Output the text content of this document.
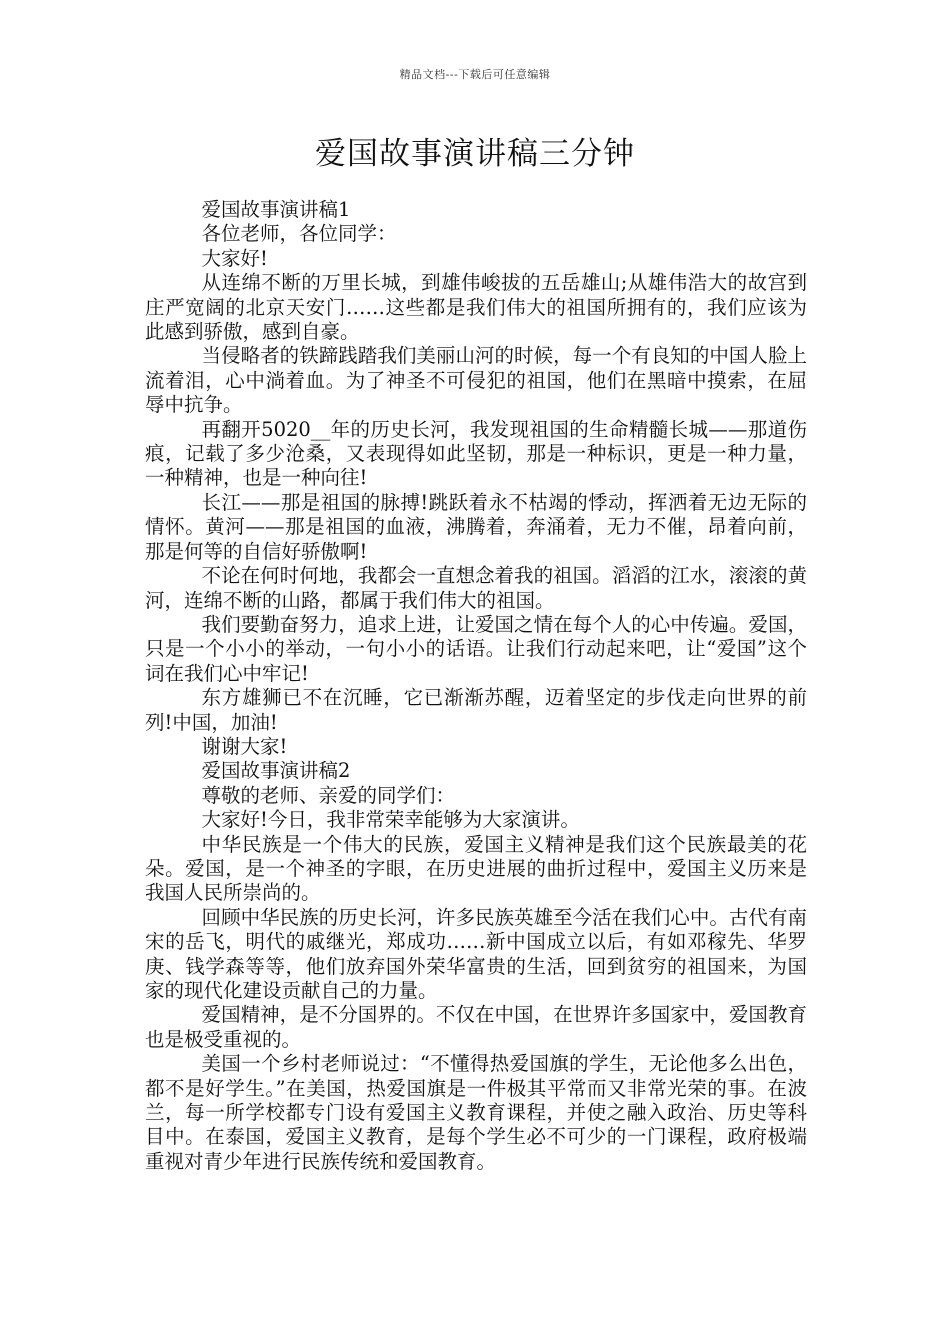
精品文档---下载后可任意编辑
爱国故事演讲稿三分钟

爱国故事演讲稿1

各位老师，各位同学：

大家好!

从连绵不断的万里长城，到雄伟峻拔的五岳雄山;从雄伟浩大的故宫到庄严宽阔的北京天安门……这些都是我们伟大的祖国所拥有的，我们应该为此感到骄傲，感到自豪。

当侵略者的铁蹄践踏我们美丽山河的时候，每一个有良知的中国人脸上流着泪，心中淌着血。为了神圣不可侵犯的祖国，他们在黑暗中摸索，在屈辱中抗争。

再翻开5020__年的历史长河，我发现祖国的生命精髓长城——那道伤痕，记载了多少沧桑，又表现得如此坚韧，那是一种标识，更是一种力量，一种精神，也是一种向往!

长江——那是祖国的脉搏!跳跃着永不枯竭的悸动，挥洒着无边无际的情怀。黄河——那是祖国的血液，沸腾着，奔涌着，无力不催，昂着向前，那是何等的自信好骄傲啊!

不论在何时何地，我都会一直想念着我的祖国。滔滔的江水，滚滚的黄河，连绵不断的山路，都属于我们伟大的祖国。

我们要勤奋努力，追求上进，让爱国之情在每个人的心中传遍。爱国，只是一个小小的举动，一句小小的话语。让我们行动起来吧，让“爱国”这个词在我们心中牢记!

东方雄狮已不在沉睡，它已渐渐苏醒，迈着坚定的步伐走向世界的前列!中国，加油!

谢谢大家!

爱国故事演讲稿2

尊敬的老师、亲爱的同学们：

大家好!今日，我非常荣幸能够为大家演讲。

中华民族是一个伟大的民族，爱国主义精神是我们这个民族最美的花朵。爱国，是一个神圣的字眼，在历史进展的曲折过程中，爱国主义历来是我国人民所崇尚的。

回顾中华民族的历史长河，许多民族英雄至今活在我们心中。古代有南宋的岳飞，明代的戚继光，郑成功……新中国成立以后，有如邓稼先、华罗庚、钱学森等等，他们放弃国外荣华富贵的生活，回到贫穷的祖国来，为国家的现代化建设贡献自己的力量。

爱国精神，是不分国界的。不仅在中国，在世界许多国家中，爱国教育也是极受重视的。

美国一个乡村老师说过：“不懂得热爱国旗的学生，无论他多么出色，都不是好学生。”在美国，热爱国旗是一件极其平常而又非常光荣的事。在波兰，每一所学校都专门设有爱国主义教育课程，并使之融入政治、历史等科目中。在泰国，爱国主义教育，是每个学生必不可少的一门课程，政府极端重视对青少年进行民族传统和爱国教育。
